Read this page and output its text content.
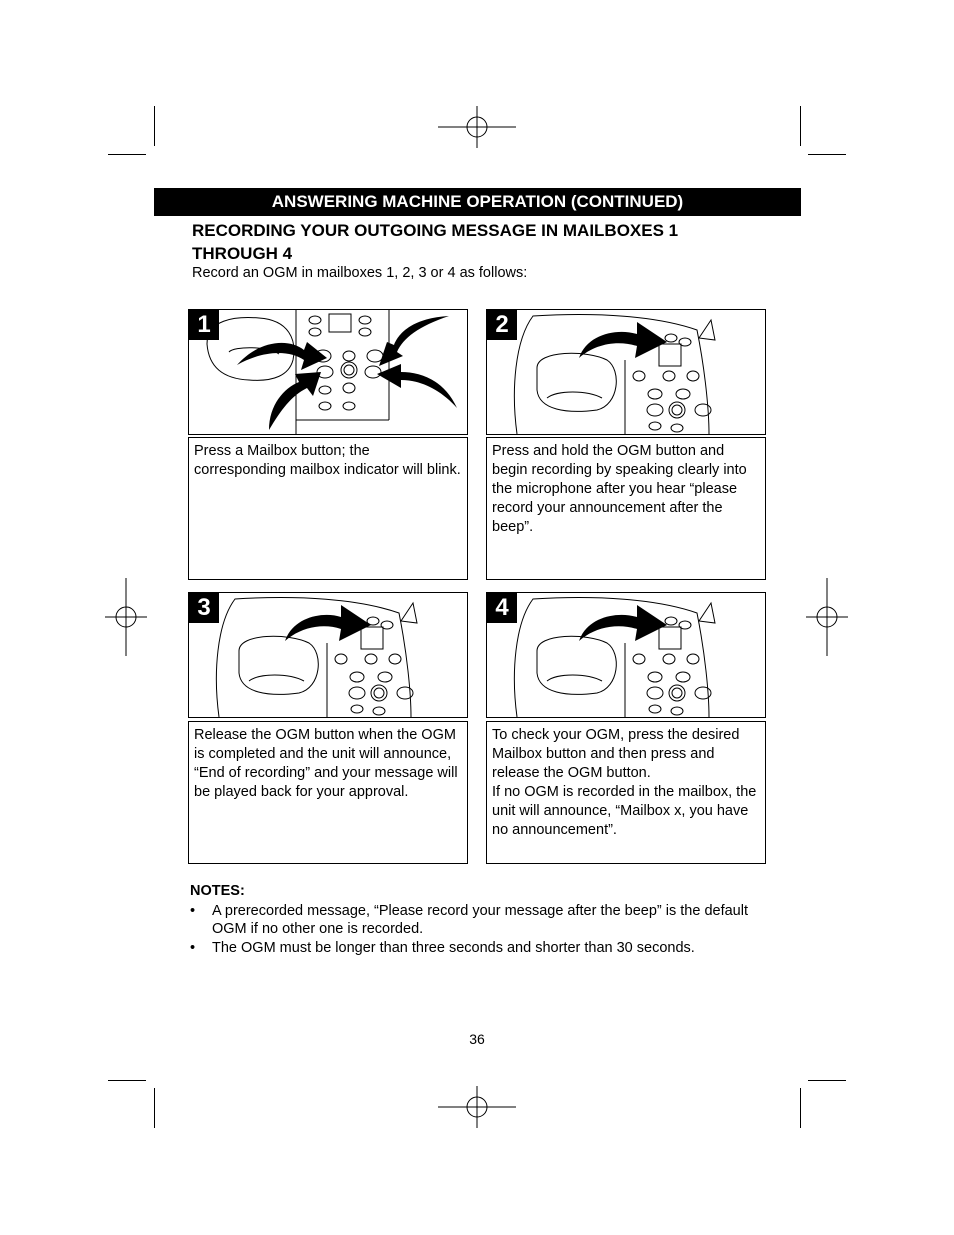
ANSWERING MACHINE OPERATION (CONTINUED)
RECORDING YOUR OUTGOING MESSAGE IN MAILBOXES 1 THROUGH 4
Record an OGM in mailboxes 1, 2, 3 or 4 as follows:
1	2

Press a Mailbox button; the corresponding mailbox indicator will blink.

Press and hold the OGM button and begin recording by speaking clearly into the microphone after you hear “please record your announcement after the beep”.

3	4

Release the OGM button when the OGM is completed and the unit will announce, “End of recording” and your message will be played back for your approval.

To check your OGM, press the desired Mailbox button and then press and release the OGM button.

If no OGM is recorded in the mailbox, the unit will announce, “Mailbox x, you have no announcement”.

NOTES:
• A prerecorded message, “Please record your message after the beep” is the default OGM if no other one is recorded.
• The OGM must be longer than three seconds and shorter than 30 seconds.
36
